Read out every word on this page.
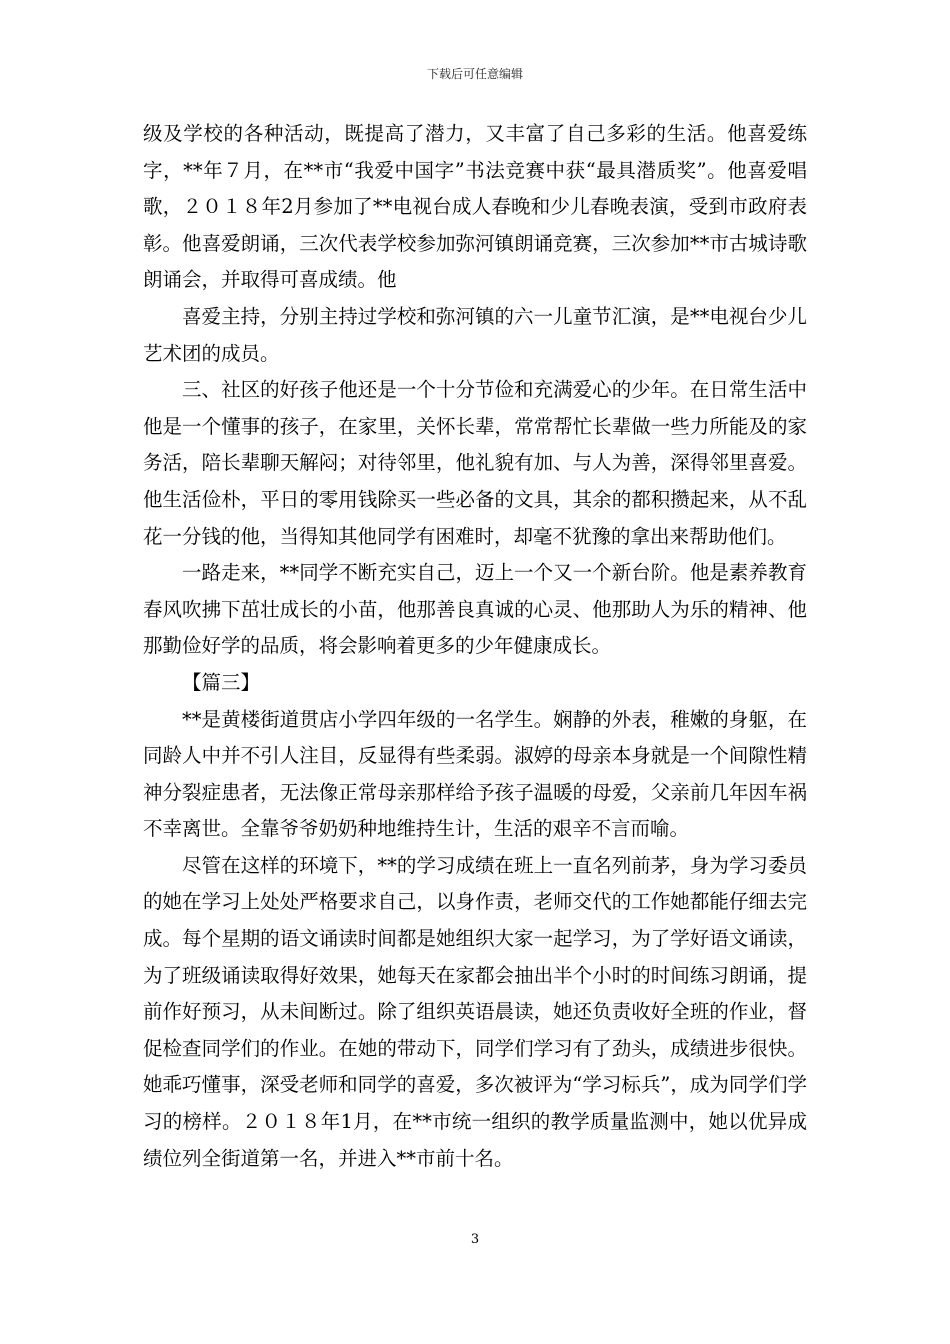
下载后可任意编辑

级及学校的各种活动，既提高了潜力，又丰富了自己多彩的生活。他喜爱练字，**年７月，在**市“我爱中国字”书法竞赛中获“最具潜质奖”。他喜爱唱歌，２０１８年2月参加了**电视台成人春晚和少儿春晚表演，受到市政府表彰。他喜爱朗诵，三次代表学校参加弥河镇朗诵竞赛，三次参加**市古城诗歌朗诵会，并取得可喜成绩。他

喜爱主持，分别主持过学校和弥河镇的六一儿童节汇演，是**电视台少儿艺术团的成员。

三、社区的好孩子他还是一个十分节俭和充满爱心的少年。在日常生活中他是一个懂事的孩子，在家里，关怀长辈，常常帮忙长辈做一些力所能及的家务活，陪长辈聊天解闷；对待邻里，他礼貌有加、与人为善，深得邻里喜爱。他生活俭朴，平日的零用钱除买一些必备的文具，其余的都积攒起来，从不乱花一分钱的他，当得知其他同学有困难时，却毫不犹豫的拿出来帮助他们。

一路走来，**同学不断充实自己，迈上一个又一个新台阶。他是素养教育春风吹拂下茁壮成长的小苗，他那善良真诚的心灵、他那助人为乐的精神、他那勤俭好学的品质，将会影响着更多的少年健康成长。

【篇三】

**是黄楼街道贯店小学四年级的一名学生。娴静的外表，稚嫩的身躯，在同龄人中并不引人注目，反显得有些柔弱。淑婷的母亲本身就是一个间隙性精神分裂症患者，无法像正常母亲那样给予孩子温暖的母爱，父亲前几年因车祸不幸离世。全靠爷爷奶奶种地维持生计，生活的艰辛不言而喻。

尽管在这样的环境下，**的学习成绩在班上一直名列前茅，身为学习委员的她在学习上处处严格要求自己，以身作责，老师交代的工作她都能仔细去完成。每个星期的语文诵读时间都是她组织大家一起学习，为了学好语文诵读，为了班级诵读取得好效果，她每天在家都会抽出半个小时的时间练习朗诵，提前作好预习，从未间断过。除了组织英语晨读，她还负责收好全班的作业，督促检查同学们的作业。在她的带动下，同学们学习有了劲头，成绩进步很快。她乖巧懂事，深受老师和同学的喜爱，多次被评为“学习标兵”，成为同学们学习的榜样。２０１８年1月，在**市统一组织的教学质量监测中，她以优异成绩位列全街道第一名，并进入**市前十名。

3
